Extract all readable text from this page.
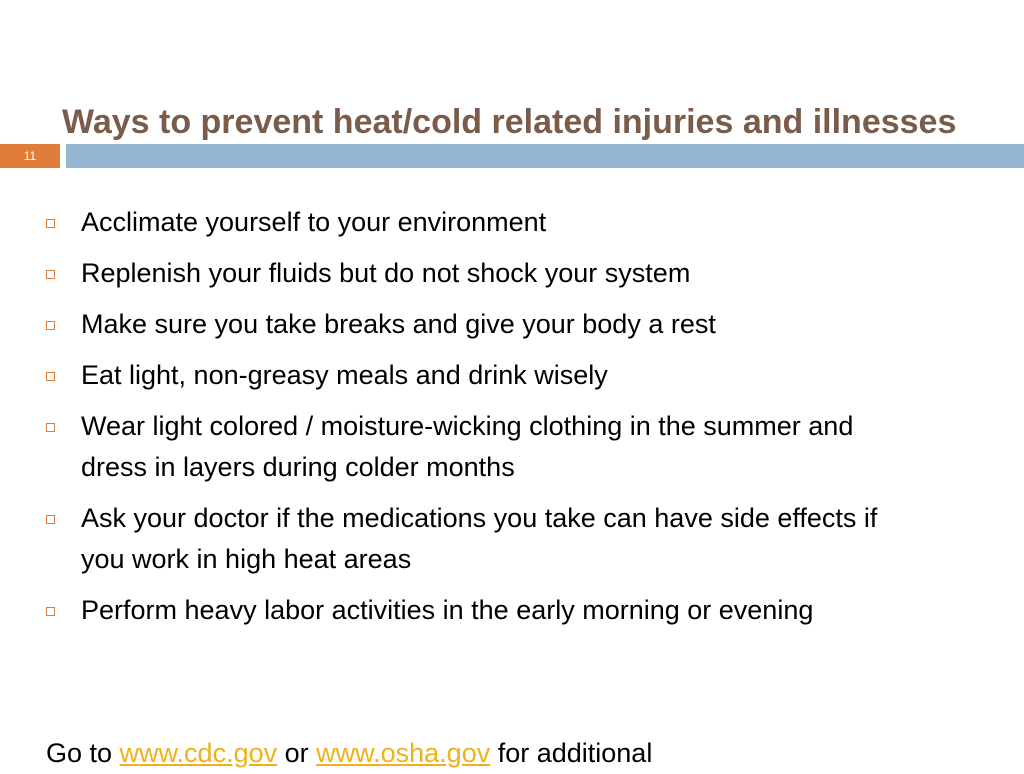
Ways to prevent heat/cold related injuries and illnesses
11
Acclimate yourself to your environment
Replenish your fluids but do not shock your system
Make sure you take breaks and give your body a rest
Eat light, non-greasy meals and drink wisely
Wear light colored / moisture-wicking clothing in the summer and dress in layers during colder months
Ask your doctor if the medications you take can have side effects if you work in high heat areas
Perform heavy labor activities in the early morning or evening
Go to www.cdc.gov or www.osha.gov for additional
